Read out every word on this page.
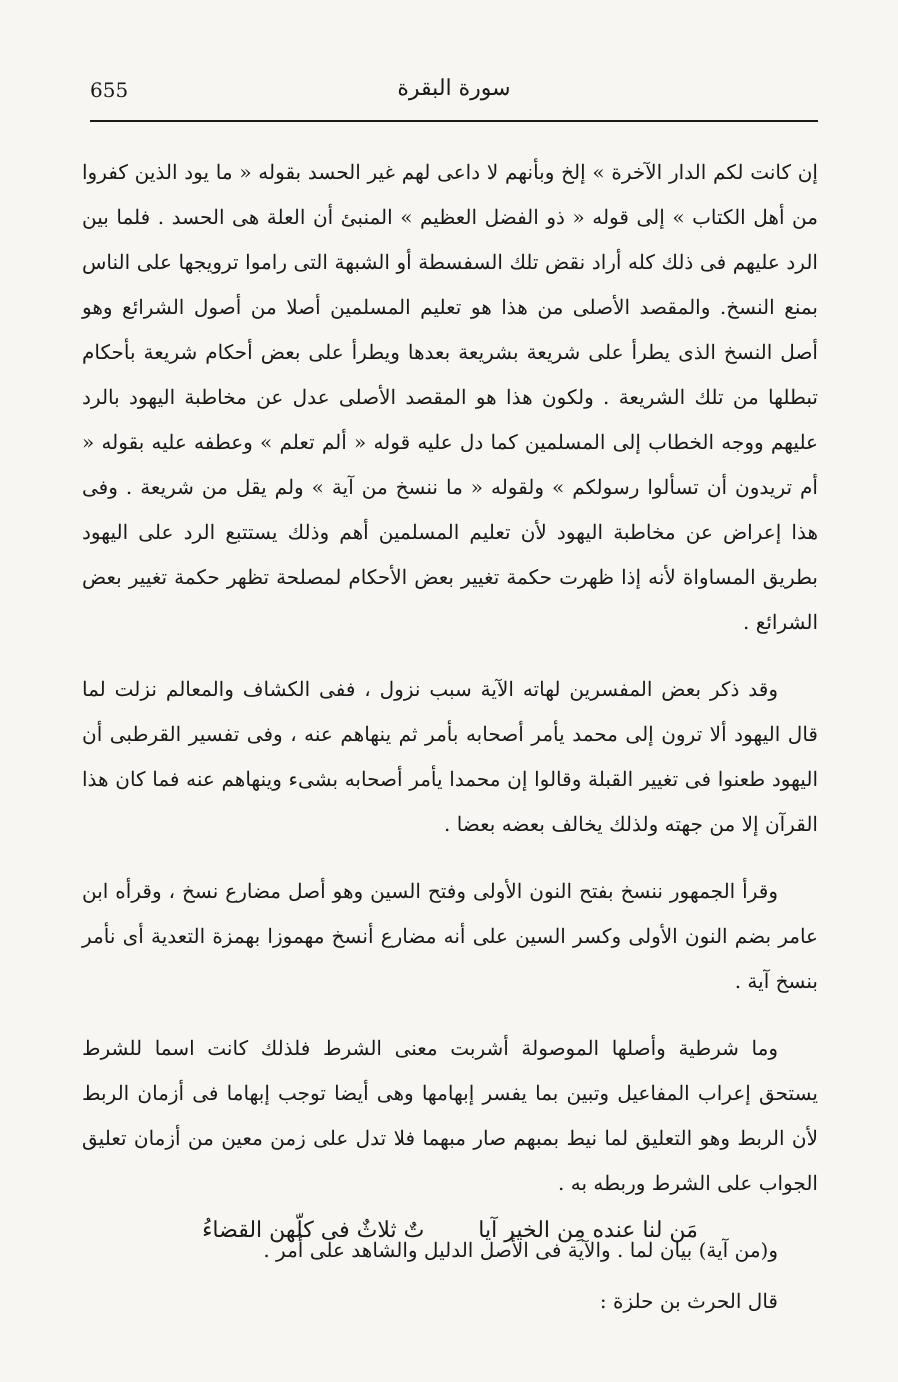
655	سورة البقرة

إن كانت لكم الدار الآخرة » إلخ وبأنهم لا داعى لهم غير الحسد بقوله « ما يود الذين كفروا من أهل الكتاب » إلى قوله « ذو الفضل العظيم » المنبئ أن العلة هى الحسد . فلما بين الرد عليهم فى ذلك كله أراد نقض تلك السفسطة أو الشبهة التى راموا ترويجها على الناس بمنع النسخ. والمقصد الأصلى من هذا هو تعليم المسلمين أصلا من أصول الشرائع وهو أصل النسخ الذى يطرأ على شريعة بشريعة بعدها ويطرأ على بعض أحكام شريعة بأحكام تبطلها من تلك الشريعة . ولكون هذا هو المقصد الأصلى عدل عن مخاطبة اليهود بالرد عليهم ووجه الخطاب إلى المسلمين كما دل عليه قوله « ألم تعلم » وعطفه عليه بقوله « أم تريدون أن تسألوا رسولكم » ولقوله « ما ننسخ من آية » ولم يقل من شريعة . وفى هذا إعراض عن مخاطبة اليهود لأن تعليم المسلمين أهم وذلك يستتبع الرد على اليهود بطريق المساواة لأنه إذا ظهرت حكمة تغيير بعض الأحكام لمصلحة تظهر حكمة تغيير بعض الشرائع .

وقد ذكر بعض المفسرين لهاته الآية سبب نزول ، ففى الكشاف والمعالم نزلت لما قال اليهود ألا ترون إلى محمد يأمر أصحابه بأمر ثم ينهاهم عنه ، وفى تفسير القرطبى أن اليهود طعنوا فى تغيير القبلة وقالوا إن محمدا يأمر أصحابه بشىء وينهاهم عنه فما كان هذا القرآن إلا من جهته ولذلك يخالف بعضه بعضا .

وقرأ الجمهور ننسخ بفتح النون الأولى وفتح السين وهو أصل مضارع نسخ ، وقرأه ابن عامر بضم النون الأولى وكسر السين على أنه مضارع أنسخ مهموزا بهمزة التعدية أى نأمر بنسخ آية .

وما شرطية وأصلها الموصولة أشربت معنى الشرط فلذلك كانت اسما للشرط يستحق إعراب المفاعيل وتبين بما يفسر إبهامها وهى أيضا توجب إبهاما فى أزمان الربط لأن الربط وهو التعليق لما نيط بمبهم صار مبهما فلا تدل على زمن معين من أزمان تعليق الجواب على الشرط وربطه به .

و(من آية) بيان لما . والآية فى الأصل الدليل والشاهد على أمر .

قال الحرث بن حلزة :

مَن لنا عنده مِن الخير آيا  تٌ ثلاثٌ فى كلّهن القضاءُ
